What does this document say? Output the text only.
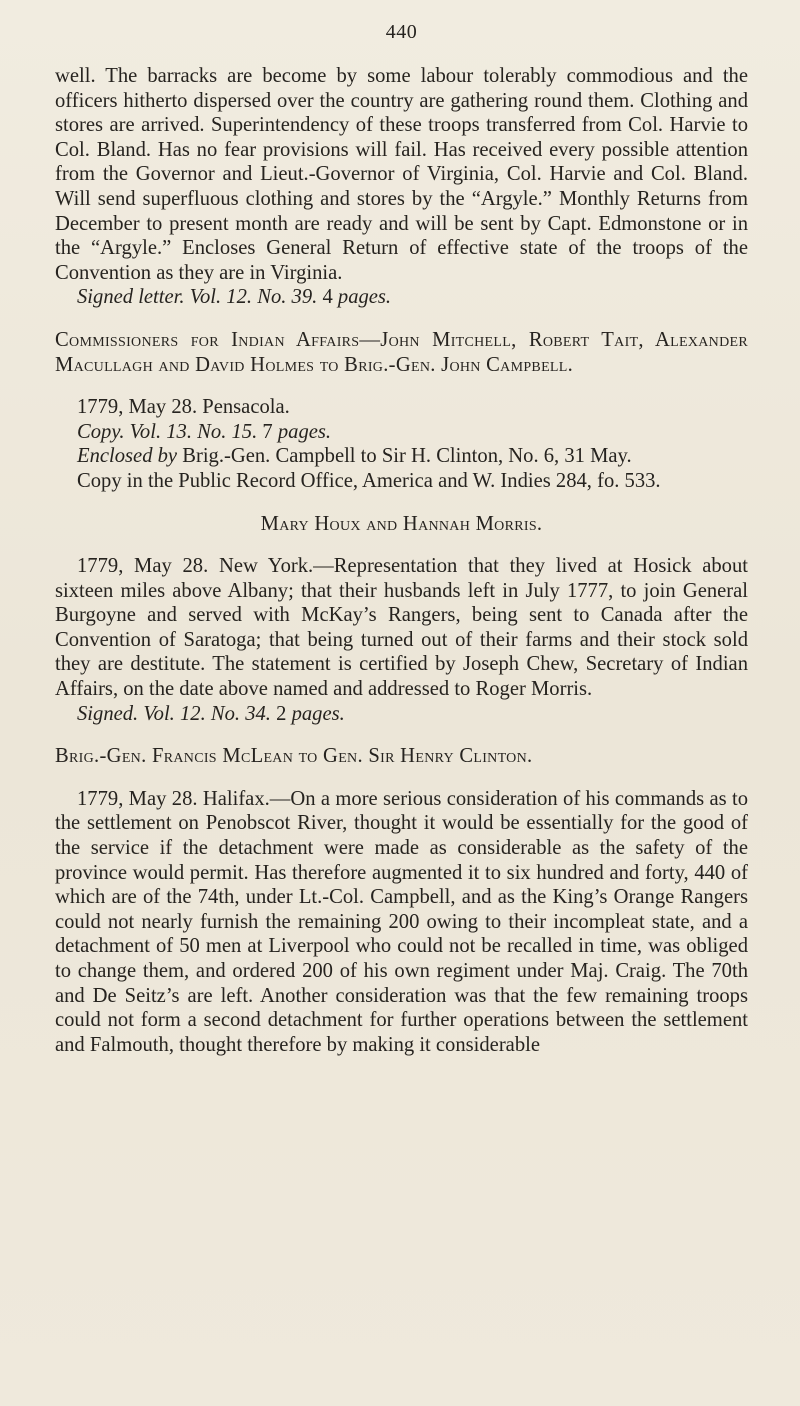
440

well. The barracks are become by some labour tolerably commodious and the officers hitherto dispersed over the country are gathering round them. Clothing and stores are arrived. Superintendency of these troops transferred from Col. Harvie to Col. Bland. Has no fear provisions will fail. Has received every possible attention from the Governor and Lieut.-Governor of Virginia, Col. Harvie and Col. Bland. Will send superfluous clothing and stores by the “Argyle.” Monthly Returns from December to present month are ready and will be sent by Capt. Edmonstone or in the “Argyle.” Encloses General Return of effective state of the troops of the Convention as they are in Virginia.

Signed letter. Vol. 12. No. 39. 4 pages.

Commissioners for Indian Affairs—John Mitchell, Robert Tait, Alexander Macullagh and David Holmes to Brig.-Gen. John Campbell.

1779, May 28. Pensacola.

Copy. Vol. 13. No. 15. 7 pages.

Enclosed by Brig.-Gen. Campbell to Sir H. Clinton, No. 6, 31 May.

Copy in the Public Record Office, America and W. Indies 284, fo. 533.

Mary Houx and Hannah Morris.

1779, May 28. New York.—Representation that they lived at Hosick about sixteen miles above Albany; that their husbands left in July 1777, to join General Burgoyne and served with McKay’s Rangers, being sent to Canada after the Convention of Saratoga; that being turned out of their farms and their stock sold they are destitute. The statement is certified by Joseph Chew, Secretary of Indian Affairs, on the date above named and addressed to Roger Morris.

Signed. Vol. 12. No. 34. 2 pages.

Brig.-Gen. Francis McLean to Gen. Sir Henry Clinton.

1779, May 28. Halifax.—On a more serious consideration of his commands as to the settlement on Penobscot River, thought it would be essentially for the good of the service if the detachment were made as considerable as the safety of the province would permit. Has therefore augmented it to six hundred and forty, 440 of which are of the 74th, under Lt.-Col. Campbell, and as the King’s Orange Rangers could not nearly furnish the remaining 200 owing to their incompleat state, and a detachment of 50 men at Liverpool who could not be recalled in time, was obliged to change them, and ordered 200 of his own regiment under Maj. Craig. The 70th and De Seitz’s are left. Another consideration was that the few remaining troops could not form a second detachment for further operations between the settlement and Falmouth, thought therefore by making it considerable
